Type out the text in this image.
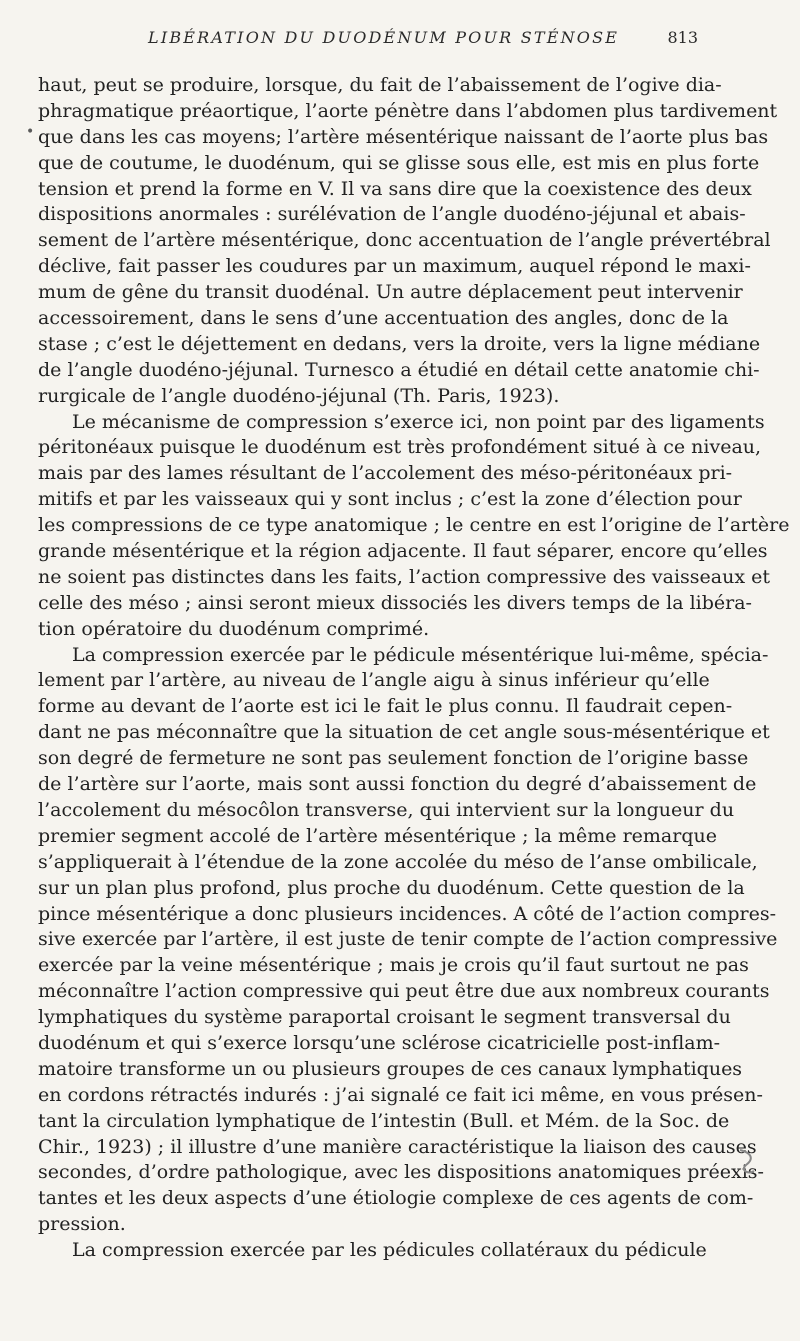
LIBÉRATION DU DUODÉNUM POUR STÉNOSE	813
•
haut, peut se produire, lorsque, du fait de l’abaissement de l’ogive dia-
phragmatique préaortique, l’aorte pénètre dans l’abdomen plus tardivement
que dans les cas moyens; l’artère mésentérique naissant de l’aorte plus bas
que de coutume, le duodénum, qui se glisse sous elle, est mis en plus forte
tension et prend la forme en V. Il va sans dire que la coexistence des deux
dispositions anormales : surélévation de l’angle duodéno-jéjunal et abais-
sement de l’artère mésentérique, donc accentuation de l’angle prévertébral
déclive, fait passer les coudures par un maximum, auquel répond le maxi-
mum de gêne du transit duodénal. Un autre déplacement peut intervenir
accessoirement, dans le sens d’une accentuation des angles, donc de la
stase ; c’est le déjettement en dedans, vers la droite, vers la ligne médiane
de l’angle duodéno-jéjunal. Turnesco a étudié en détail cette anatomie chi-
rurgicale de l’angle duodéno-jéjunal (Th. Paris, 1923).
Le mécanisme de compression s’exerce ici, non point par des ligaments
péritonéaux puisque le duodénum est très profondément situé à ce niveau,
mais par des lames résultant de l’accolement des méso-péritonéaux pri-
mitifs et par les vaisseaux qui y sont inclus ; c’est la zone d’élection pour
les compressions de ce type anatomique ; le centre en est l’origine de l’artère
grande mésentérique et la région adjacente. Il faut séparer, encore qu’elles
ne soient pas distinctes dans les faits, l’action compressive des vaisseaux et
celle des méso ; ainsi seront mieux dissociés les divers temps de la libéra-
tion opératoire du duodénum comprimé.
La compression exercée par le pédicule mésentérique lui-même, spécia-
lement par l’artère, au niveau de l’angle aigu à sinus inférieur qu’elle
forme au devant de l’aorte est ici le fait le plus connu. Il faudrait cepen-
dant ne pas méconnaître que la situation de cet angle sous-mésentérique et
son degré de fermeture ne sont pas seulement fonction de l’origine basse
de l’artère sur l’aorte, mais sont aussi fonction du degré d’abaissement de
l’accolement du mésocôlon transverse, qui intervient sur la longueur du
premier segment accolé de l’artère mésentérique ; la même remarque
s’appliquerait à l’étendue de la zone accolée du méso de l’anse ombilicale,
sur un plan plus profond, plus proche du duodénum. Cette question de la
pince mésentérique a donc plusieurs incidences. A côté de l’action compres-
sive exercée par l’artère, il est juste de tenir compte de l’action compressive
exercée par la veine mésentérique ; mais je crois qu’il faut surtout ne pas
méconnaître l’action compressive qui peut être due aux nombreux courants
lymphatiques du système paraportal croisant le segment transversal du
duodénum et qui s’exerce lorsqu’une sclérose cicatricielle post-inflam-
matoire transforme un ou plusieurs groupes de ces canaux lymphatiques
en cordons rétractés indurés : j’ai signalé ce fait ici même, en vous présen-
tant la circulation lymphatique de l’intestin (Bull. et Mém. de la Soc. de
Chir., 1923) ; il illustre d’une manière caractéristique la liaison des causes
secondes, d’ordre pathologique, avec les dispositions anatomiques préexis-
tantes et les deux aspects d’une étiologie complexe de ces agents de com-
pression.
La compression exercée par les pédicules collatéraux du pédicule
